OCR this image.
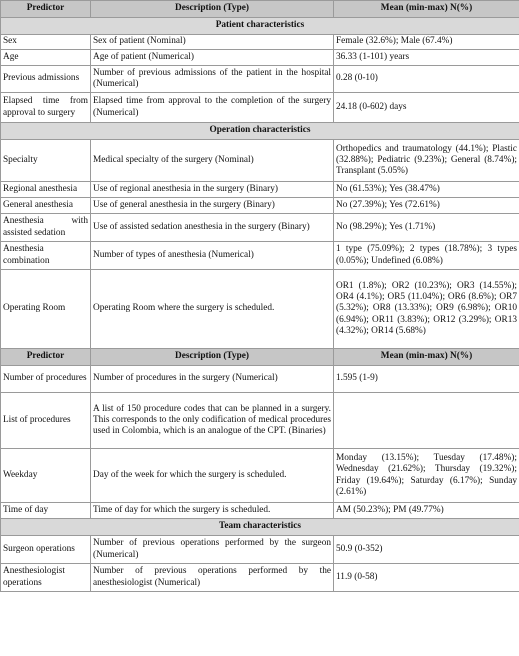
Predictor	Description (Type)	Mean (min-max) N(%)
Patient characteristics		
Sex	Sex of patient (Nominal)	Female (32.6%); Male (67.4%)
Age	Age of patient (Numerical)	36.33 (1-101) years
Previous admissions	Number of previous admissions of the patient in the hospital (Numerical)	0.28 (0-10)
Elapsed time from approval to surgery	Elapsed time from approval to the completion of the surgery (Numerical)	24.18 (0-602) days
Operation characteristics		
Specialty	Medical specialty of the surgery (Nominal)	Orthopedics and traumatology (44.1%); Plastic (32.88%); Pediatric (9.23%); General (8.74%); Transplant (5.05%)
Regional anesthesia	Use of regional anesthesia in the surgery (Binary)	No (61.53%); Yes (38.47%)
General anesthesia	Use of general anesthesia in the surgery (Binary)	No (27.39%); Yes (72.61%)
Anesthesia with assisted sedation	Use of assisted sedation anesthesia in the surgery (Binary)	No (98.29%); Yes (1.71%)
Anesthesia combination	Number of types of anesthesia (Numerical)	1 type (75.09%); 2 types (18.78%); 3 types (0.05%); Undefined (6.08%)
Operating Room	Operating Room where the surgery is scheduled.	OR1 (1.8%); OR2 (10.23%); OR3 (14.55%); OR4 (4.1%); OR5 (11.04%); OR6 (8.6%); OR7 (5.32%); OR8 (13.33%); OR9 (6.98%); OR10 (6.94%); OR11 (3.83%); OR12 (3.29%); OR13 (4.32%); OR14 (5.68%)
Predictor	Description (Type)	Mean (min-max) N(%)
Number of procedures	Number of procedures in the surgery (Numerical)	1.595 (1-9)
List of procedures	A list of 150 procedure codes that can be planned in a surgery. This corresponds to the only codification of medical procedures used in Colombia, which is an analogue of the CPT. (Binaries)	
Weekday	Day of the week for which the surgery is scheduled.	Monday (13.15%); Tuesday (17.48%); Wednesday (21.62%); Thursday (19.32%); Friday (19.64%); Saturday (6.17%); Sunday (2.61%)
Time of day	Time of day for which the surgery is scheduled.	AM (50.23%); PM (49.77%)
Team characteristics		
Surgeon operations	Number of previous operations performed by the surgeon (Numerical)	50.9 (0-352)
Anesthesiologist operations	Number of previous operations performed by the anesthesiologist (Numerical)	11.9 (0-58)
